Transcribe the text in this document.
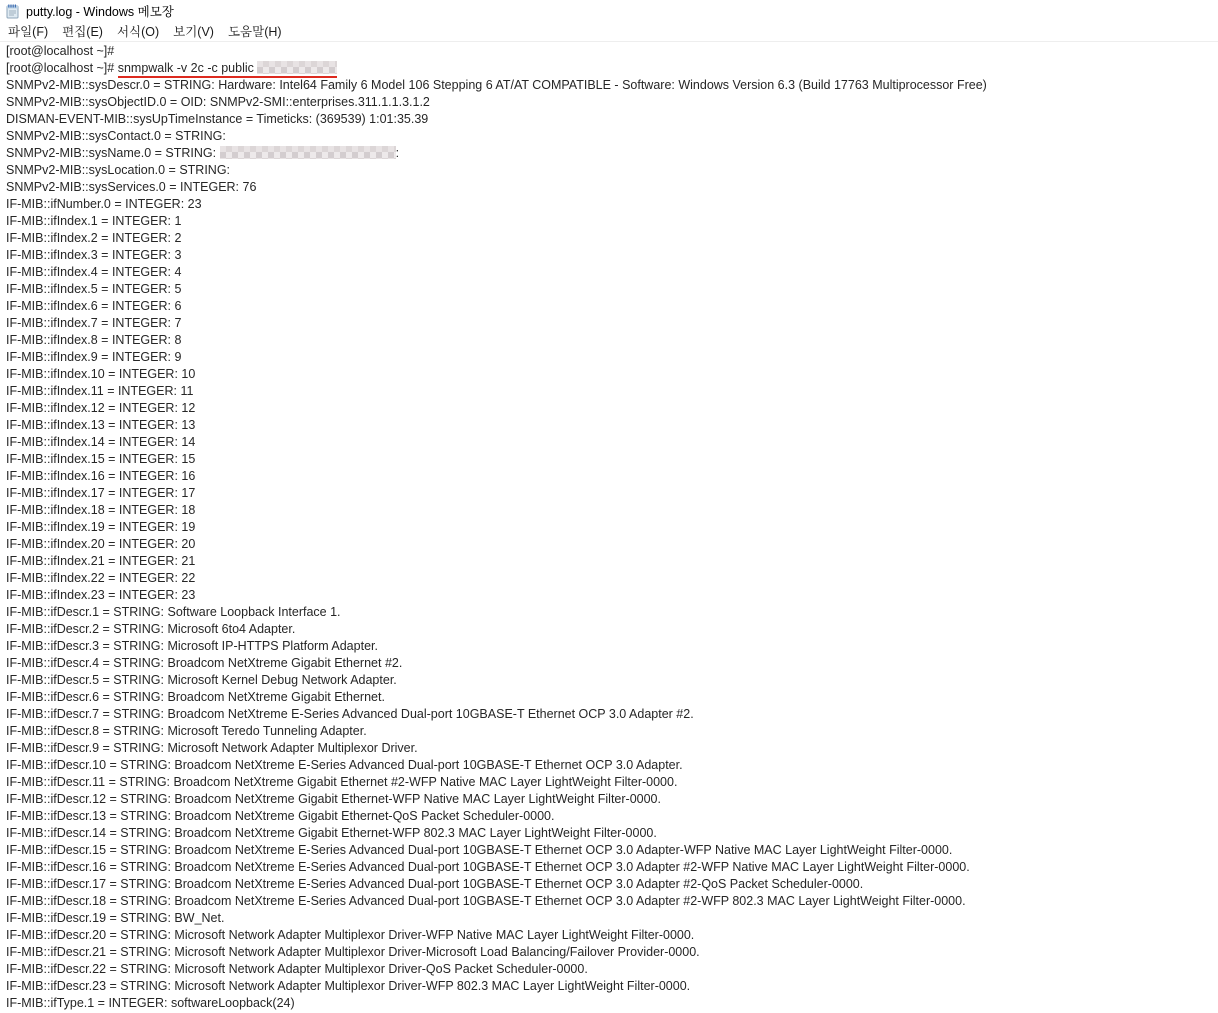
putty.log - Windows 메모장
파일(F)	편집(E)	서식(O)	보기(V)	도움말(H)
[root@localhost ~]#
[root@localhost ~]# snmpwalk -v 2c -c public
SNMPv2-MIB::sysDescr.0 = STRING: Hardware: Intel64 Family 6 Model 106 Stepping 6 AT/AT COMPATIBLE - Software: Windows Version 6.3 (Build 17763 Multiprocessor Free)
SNMPv2-MIB::sysObjectID.0 = OID: SNMPv2-SMI::enterprises.311.1.1.3.1.2
DISMAN-EVENT-MIB::sysUpTimeInstance = Timeticks: (369539) 1:01:35.39
SNMPv2-MIB::sysContact.0 = STRING:
SNMPv2-MIB::sysName.0 = STRING:	:
SNMPv2-MIB::sysLocation.0 = STRING:
SNMPv2-MIB::sysServices.0 = INTEGER: 76
IF-MIB::ifNumber.0 = INTEGER: 23
IF-MIB::ifIndex.1 = INTEGER: 1
IF-MIB::ifIndex.2 = INTEGER: 2
IF-MIB::ifIndex.3 = INTEGER: 3
IF-MIB::ifIndex.4 = INTEGER: 4
IF-MIB::ifIndex.5 = INTEGER: 5
IF-MIB::ifIndex.6 = INTEGER: 6
IF-MIB::ifIndex.7 = INTEGER: 7
IF-MIB::ifIndex.8 = INTEGER: 8
IF-MIB::ifIndex.9 = INTEGER: 9
IF-MIB::ifIndex.10 = INTEGER: 10
IF-MIB::ifIndex.11 = INTEGER: 11
IF-MIB::ifIndex.12 = INTEGER: 12
IF-MIB::ifIndex.13 = INTEGER: 13
IF-MIB::ifIndex.14 = INTEGER: 14
IF-MIB::ifIndex.15 = INTEGER: 15
IF-MIB::ifIndex.16 = INTEGER: 16
IF-MIB::ifIndex.17 = INTEGER: 17
IF-MIB::ifIndex.18 = INTEGER: 18
IF-MIB::ifIndex.19 = INTEGER: 19
IF-MIB::ifIndex.20 = INTEGER: 20
IF-MIB::ifIndex.21 = INTEGER: 21
IF-MIB::ifIndex.22 = INTEGER: 22
IF-MIB::ifIndex.23 = INTEGER: 23
IF-MIB::ifDescr.1 = STRING: Software Loopback Interface 1.
IF-MIB::ifDescr.2 = STRING: Microsoft 6to4 Adapter.
IF-MIB::ifDescr.3 = STRING: Microsoft IP-HTTPS Platform Adapter.
IF-MIB::ifDescr.4 = STRING: Broadcom NetXtreme Gigabit Ethernet #2.
IF-MIB::ifDescr.5 = STRING: Microsoft Kernel Debug Network Adapter.
IF-MIB::ifDescr.6 = STRING: Broadcom NetXtreme Gigabit Ethernet.
IF-MIB::ifDescr.7 = STRING: Broadcom NetXtreme E-Series Advanced Dual-port 10GBASE-T Ethernet OCP 3.0 Adapter #2.
IF-MIB::ifDescr.8 = STRING: Microsoft Teredo Tunneling Adapter.
IF-MIB::ifDescr.9 = STRING: Microsoft Network Adapter Multiplexor Driver.
IF-MIB::ifDescr.10 = STRING: Broadcom NetXtreme E-Series Advanced Dual-port 10GBASE-T Ethernet OCP 3.0 Adapter.
IF-MIB::ifDescr.11 = STRING: Broadcom NetXtreme Gigabit Ethernet #2-WFP Native MAC Layer LightWeight Filter-0000.
IF-MIB::ifDescr.12 = STRING: Broadcom NetXtreme Gigabit Ethernet-WFP Native MAC Layer LightWeight Filter-0000.
IF-MIB::ifDescr.13 = STRING: Broadcom NetXtreme Gigabit Ethernet-QoS Packet Scheduler-0000.
IF-MIB::ifDescr.14 = STRING: Broadcom NetXtreme Gigabit Ethernet-WFP 802.3 MAC Layer LightWeight Filter-0000.
IF-MIB::ifDescr.15 = STRING: Broadcom NetXtreme E-Series Advanced Dual-port 10GBASE-T Ethernet OCP 3.0 Adapter-WFP Native MAC Layer LightWeight Filter-0000.
IF-MIB::ifDescr.16 = STRING: Broadcom NetXtreme E-Series Advanced Dual-port 10GBASE-T Ethernet OCP 3.0 Adapter #2-WFP Native MAC Layer LightWeight Filter-0000.
IF-MIB::ifDescr.17 = STRING: Broadcom NetXtreme E-Series Advanced Dual-port 10GBASE-T Ethernet OCP 3.0 Adapter #2-QoS Packet Scheduler-0000.
IF-MIB::ifDescr.18 = STRING: Broadcom NetXtreme E-Series Advanced Dual-port 10GBASE-T Ethernet OCP 3.0 Adapter #2-WFP 802.3 MAC Layer LightWeight Filter-0000.
IF-MIB::ifDescr.19 = STRING: BW_Net.
IF-MIB::ifDescr.20 = STRING: Microsoft Network Adapter Multiplexor Driver-WFP Native MAC Layer LightWeight Filter-0000.
IF-MIB::ifDescr.21 = STRING: Microsoft Network Adapter Multiplexor Driver-Microsoft Load Balancing/Failover Provider-0000.
IF-MIB::ifDescr.22 = STRING: Microsoft Network Adapter Multiplexor Driver-QoS Packet Scheduler-0000.
IF-MIB::ifDescr.23 = STRING: Microsoft Network Adapter Multiplexor Driver-WFP 802.3 MAC Layer LightWeight Filter-0000.
IF-MIB::ifType.1 = INTEGER: softwareLoopback(24)
